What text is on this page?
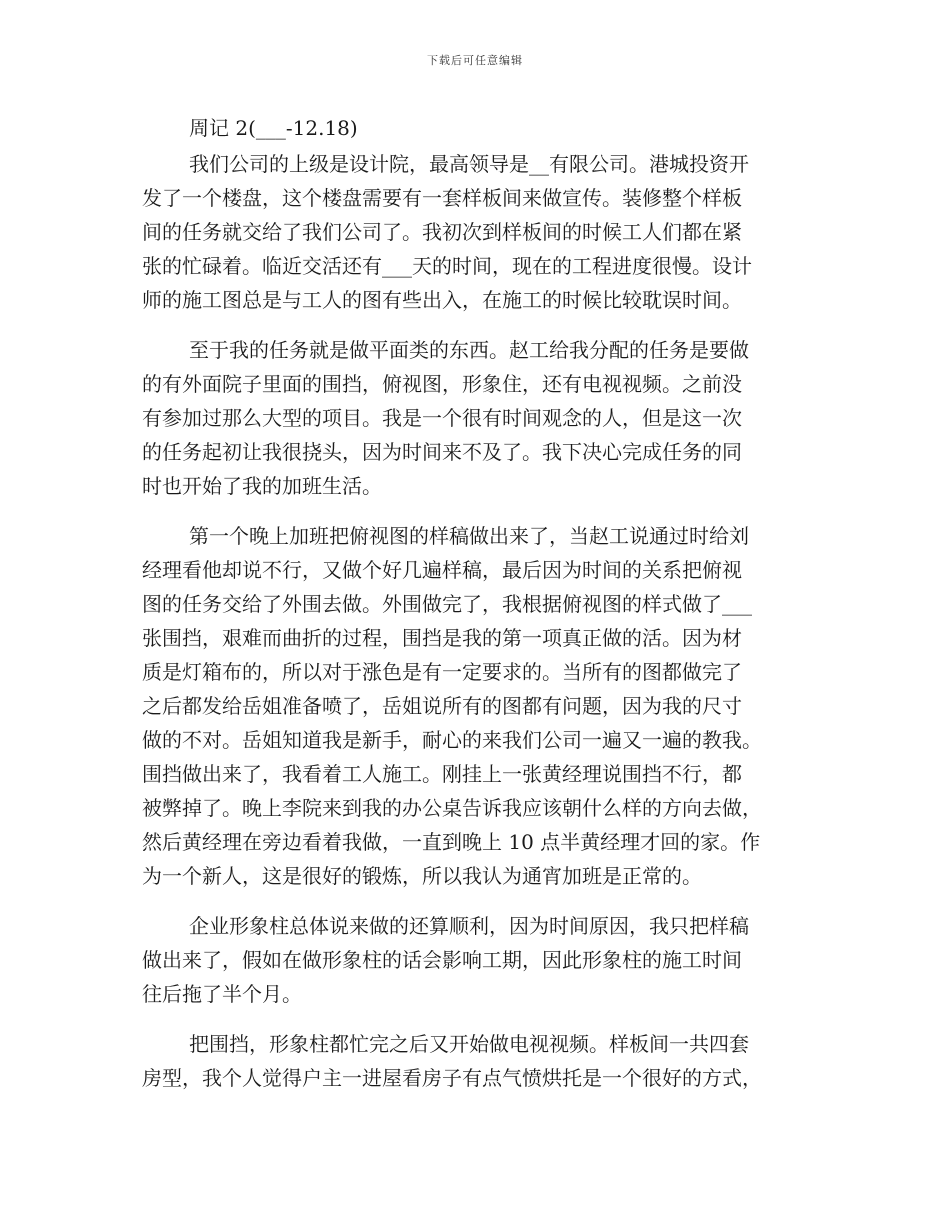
下载后可任意编辑

周记 2(___-12.18)

我们公司的上级是设计院，最高领导是__有限公司。港城投资开
发了一个楼盘，这个楼盘需要有一套样板间来做宣传。装修整个样板
间的任务就交给了我们公司了。我初次到样板间的时候工人们都在紧
张的忙碌着。临近交活还有___天的时间，现在的工程进度很慢。设计
师的施工图总是与工人的图有些出入，在施工的时候比较耽误时间。

至于我的任务就是做平面类的东西。赵工给我分配的任务是要做
的有外面院子里面的围挡，俯视图，形象住，还有电视视频。之前没
有参加过那么大型的项目。我是一个很有时间观念的人，但是这一次
的任务起初让我很挠头，因为时间来不及了。我下决心完成任务的同
时也开始了我的加班生活。

第一个晚上加班把俯视图的样稿做出来了，当赵工说通过时给刘
经理看他却说不行，又做个好几遍样稿，最后因为时间的关系把俯视
图的任务交给了外围去做。外围做完了，我根据俯视图的样式做了___
张围挡，艰难而曲折的过程，围挡是我的第一项真正做的活。因为材
质是灯箱布的，所以对于涨色是有一定要求的。当所有的图都做完了
之后都发给岳姐准备喷了，岳姐说所有的图都有问题，因为我的尺寸
做的不对。岳姐知道我是新手，耐心的来我们公司一遍又一遍的教我。
围挡做出来了，我看着工人施工。刚挂上一张黄经理说围挡不行，都
被弊掉了。晚上李院来到我的办公桌告诉我应该朝什么样的方向去做，
然后黄经理在旁边看着我做，一直到晚上 10 点半黄经理才回的家。作
为一个新人，这是很好的锻炼，所以我认为通宵加班是正常的。

企业形象柱总体说来做的还算顺利，因为时间原因，我只把样稿
做出来了，假如在做形象柱的话会影响工期，因此形象柱的施工时间
往后拖了半个月。

把围挡，形象柱都忙完之后又开始做电视视频。样板间一共四套
房型，我个人觉得户主一进屋看房子有点气愤烘托是一个很好的方式，
